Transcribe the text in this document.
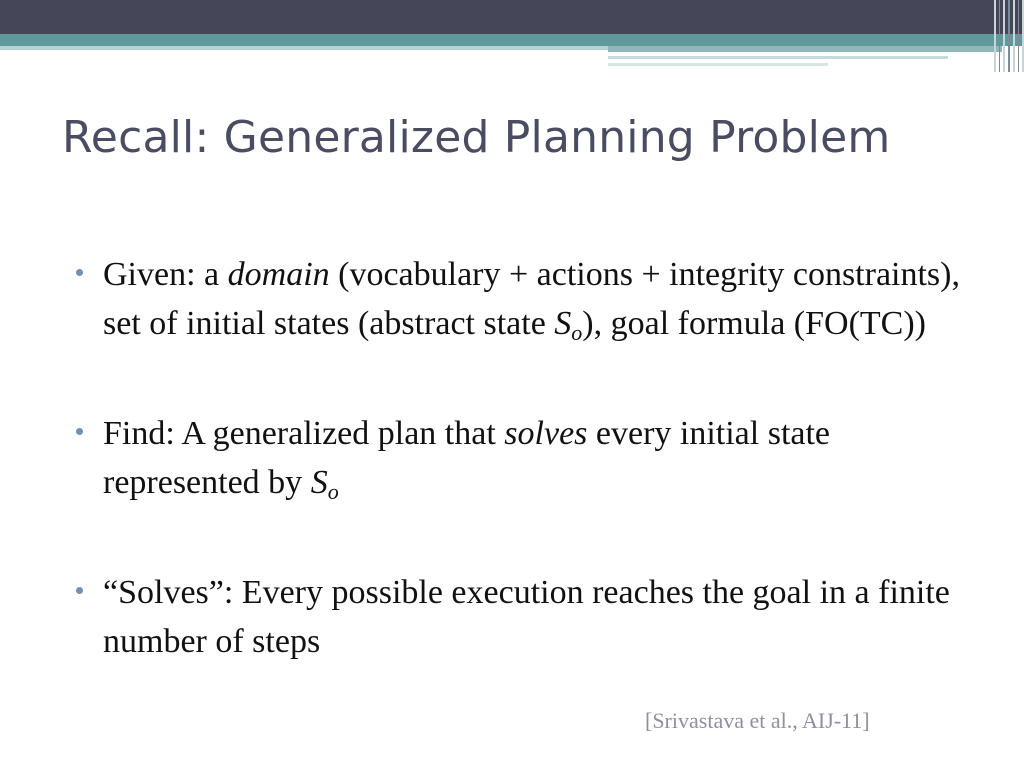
Recall: Generalized Planning Problem
Given: a domain (vocabulary + actions + integrity constraints), set of initial states (abstract state So), goal formula (FO(TC))
Find: A generalized plan that solves every initial state represented by So
“Solves”: Every possible execution reaches the goal in a finite number of steps
[Srivastava et al., AIJ-11]
